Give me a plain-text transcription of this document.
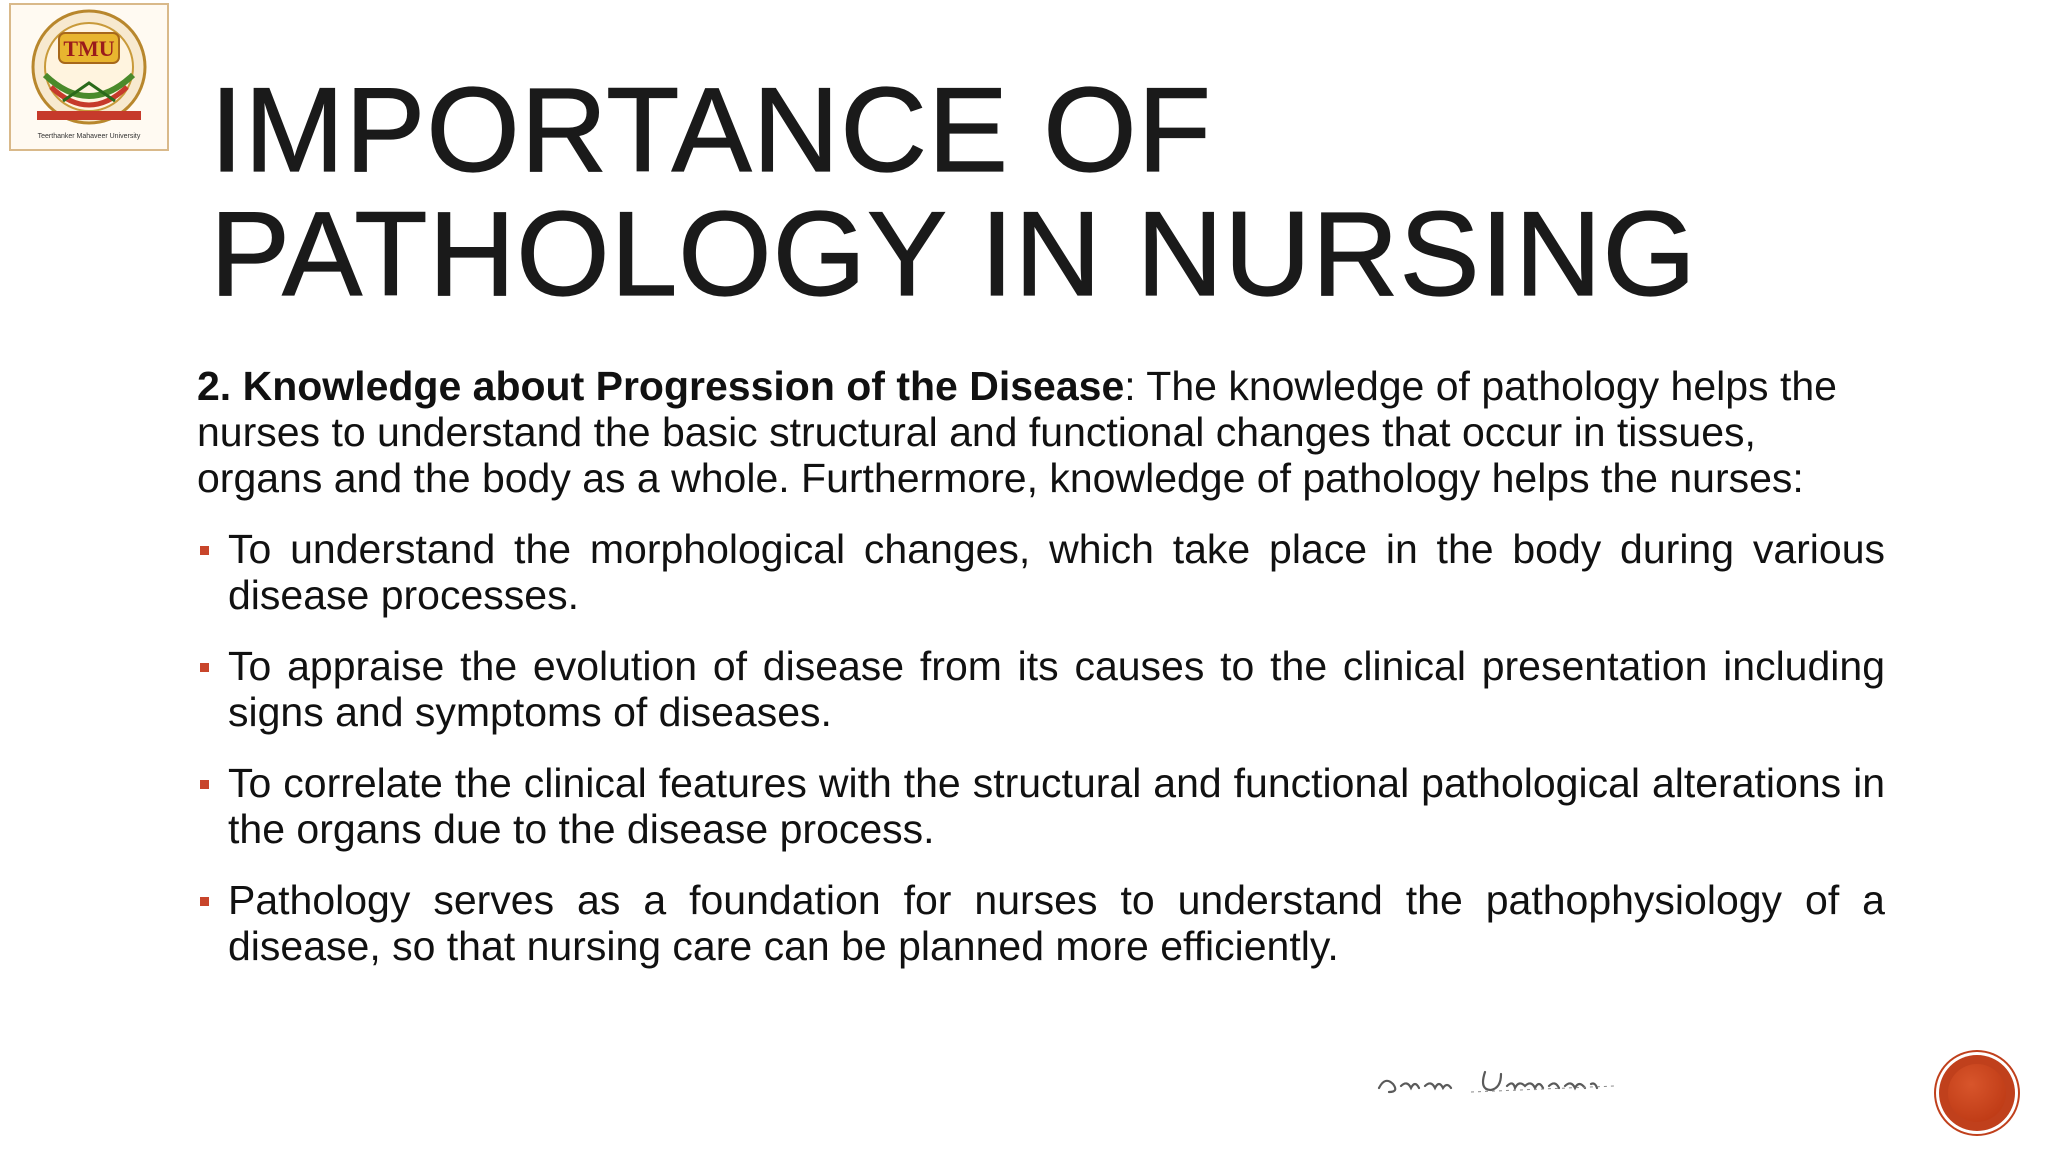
TMU
Teerthanker Mahaveer University IMPORTANCE OF
PATHOLOGY IN NURSING

2. Knowledge about Progression of the Disease: The knowledge of pathology helps the nurses to understand the basic structural and functional changes that occur in tissues, organs and the body as a whole. Furthermore, knowledge of pathology helps the nurses:

To understand the morphological changes, which take place in the body during various disease processes.
To appraise the evolution of disease from its causes to the clinical presentation including signs and symptoms of diseases.
To correlate the clinical features with the structural and functional pathological alterations in the organs due to the disease process.
Pathology serves as a foundation for nurses to understand the pathophysiology of a disease, so that nursing care can be planned more efficiently.
